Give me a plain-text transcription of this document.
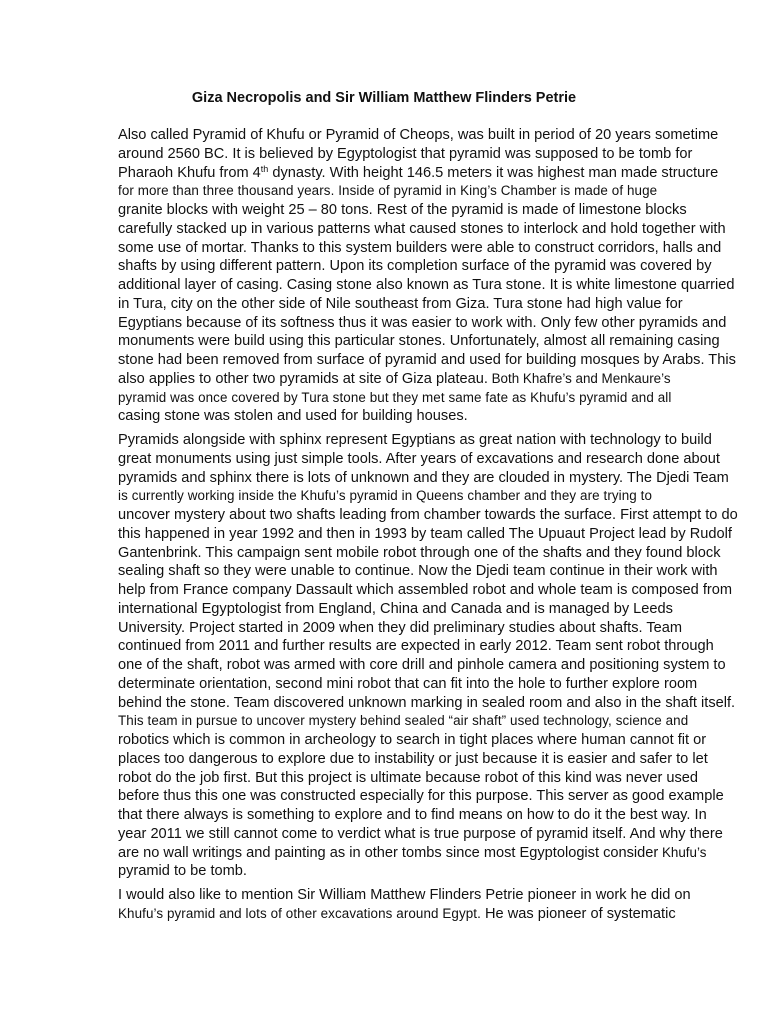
Giza Necropolis and Sir William Matthew Flinders Petrie

Also called Pyramid of Khufu or Pyramid of Cheops, was built in period of 20 years sometime
around 2560 BC. It is believed by Egyptologist that pyramid was supposed to be tomb for
Pharaoh Khufu from 4th dynasty. With height 146.5 meters it was highest man made structure
for more than three thousand years. Inside of pyramid in King’s Chamber is made of huge
granite blocks with weight 25 – 80 tons. Rest of the pyramid is made of limestone blocks
carefully stacked up in various patterns what caused stones to interlock and hold together with
some use of mortar. Thanks to this system builders were able to construct corridors, halls and
shafts by using different pattern. Upon its completion surface of the pyramid was covered by
additional layer of casing. Casing stone also known as Tura stone. It is white limestone quarried
in Tura, city on the other side of Nile southeast from Giza. Tura stone had high value for
Egyptians because of its softness thus it was easier to work with. Only few other pyramids and
monuments were build using this particular stones. Unfortunately, almost all remaining casing
stone had been removed from surface of pyramid and used for building mosques by Arabs. This
also applies to other two pyramids at site of Giza plateau. Both Khafre’s and Menkaure’s
pyramid was once covered by Tura stone but they met same fate as Khufu’s pyramid and all
casing stone was stolen and used for building houses.

Pyramids alongside with sphinx represent Egyptians as great nation with technology to build
great monuments using just simple tools. After years of excavations and research done about
pyramids and sphinx there is lots of unknown and they are clouded in mystery. The Djedi Team
is currently working inside the Khufu’s pyramid in Queens chamber and they are trying to
uncover mystery about two shafts leading from chamber towards the surface. First attempt to do
this happened in year 1992 and then in 1993 by team called The Upuaut Project lead by Rudolf
Gantenbrink. This campaign sent mobile robot through one of the shafts and they found block
sealing shaft so they were unable to continue. Now the Djedi team continue in their work with
help from France company Dassault which assembled robot and whole team is composed from
international Egyptologist from England, China and Canada and is managed by Leeds
University. Project started in 2009 when they did preliminary studies about shafts. Team
continued from 2011 and further results are expected in early 2012. Team sent robot through
one of the shaft, robot was armed with core drill and pinhole camera and positioning system to
determinate orientation, second mini robot that can fit into the hole to further explore room
behind the stone. Team discovered unknown marking in sealed room and also in the shaft itself.
This team in pursue to uncover mystery behind sealed “air shaft” used technology, science and
robotics which is common in archeology to search in tight places where human cannot fit or
places too dangerous to explore due to instability or just because it is easier and safer to let
robot do the job first. But this project is ultimate because robot of this kind was never used
before thus this one was constructed especially for this purpose. This server as good example
that there always is something to explore and to find means on how to do it the best way. In
year 2011 we still cannot come to verdict what is true purpose of pyramid itself. And why there
are no wall writings and painting as in other tombs since most Egyptologist consider Khufu’s
pyramid to be tomb.

I would also like to mention Sir William Matthew Flinders Petrie pioneer in work he did on
Khufu’s pyramid and lots of other excavations around Egypt. He was pioneer of systematic
